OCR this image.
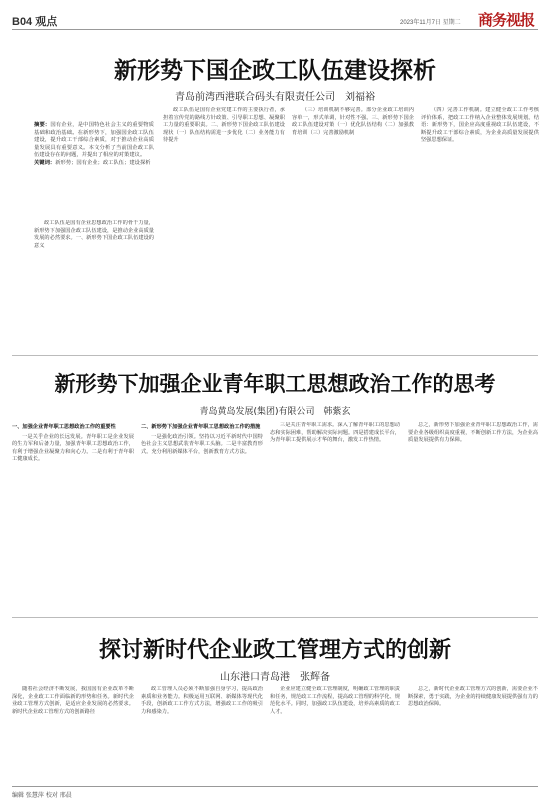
B04 观点	2023年11月7日 星期二 商务视报
新形势下国企政工队伍建设探析
青岛前湾西港联合码头有限责任公司　刘福裕
摘要：国有企业，是中国特色社会主义的重要物质基础和政治基础。在新形势下，加强国企政工队伍建设，提升政工干部综合素质，对于推动企业高质量发展具有重要意义。本文分析了当前国企政工队伍建设存在的问题，并提出了相应的对策建议。
关键词：新形势；国有企业；政工队伍；建设探析

政工队伍是国有企业思想政治工作的骨干力量，新形势下加强国企政工队伍建设，是推动企业高质量发展的必然要求。一、新形势下国企政工队伍建设的意义

政工队伍是国有企业党建工作的主要执行者，承担着宣传党的路线方针政策、引导职工思想、凝聚职工力量的重要职责。二、新形势下国企政工队伍建设现状（一）队伍结构需进一步优化（二）业务能力有待提升

（三）培训机制不够完善。部分企业政工培训内容单一，形式单调，针对性不强。三、新形势下国企政工队伍建设对策（一）优化队伍结构（二）加强教育培训（三）完善激励机制

（四）完善工作机制。建立健全政工工作考核评价体系，把政工工作纳入企业整体发展规划。结语：新形势下，国企应高度重视政工队伍建设，不断提升政工干部综合素质，为企业高质量发展提供坚强思想保证。

新形势下加强企业青年职工思想政治工作的思考
青岛黄岛发展(集团)有限公司　韩紫玄

一、加强企业青年职工思想政治工作的重要性

一是关乎企业的长远发展。青年职工是企业发展的生力军和后备力量，加强青年职工思想政治工作，有利于增强企业凝聚力和向心力。二是有利于青年职工健康成长。

二、新形势下加强企业青年职工思想政治工作的措施

一是强化政治引领。坚持以习近平新时代中国特色社会主义思想武装青年职工头脑。二是丰富教育形式。充分利用新媒体平台，创新教育方式方法。

三是关注青年职工需求。深入了解青年职工的思想动态和实际困难，帮助解决实际问题。四是搭建成长平台，为青年职工提供展示才华的舞台，激发工作热情。

总之，新形势下加强企业青年职工思想政治工作，需要企业各级组织高度重视，不断创新工作方法，为企业高质量发展提供有力保障。

探讨新时代企业政工管理方式的创新
山东港口青岛港　张辉备

随着社会经济不断发展，我国国有企业改革不断深化，企业政工工作面临新的形势和任务。新时代企业政工管理方式创新，是适应企业发展的必然要求。新时代企业政工管理方式的创新路径

政工管理人员必须不断加强自身学习，提高政治素质和业务能力。积极运用互联网、新媒体等现代化手段，创新政工工作方式方法，增强政工工作的吸引力和感染力。

企业应建立健全政工管理制度，明确政工管理的职责和任务，规范政工工作流程，提高政工管理的科学化、规范化水平。同时，加强政工队伍建设，培养高素质的政工人才。

总之，新时代企业政工管理方式的创新，需要企业不断探索，勇于实践，为企业的持续健康发展提供强有力的思想政治保障。

编辑 张慧萍 校对 邢晨
